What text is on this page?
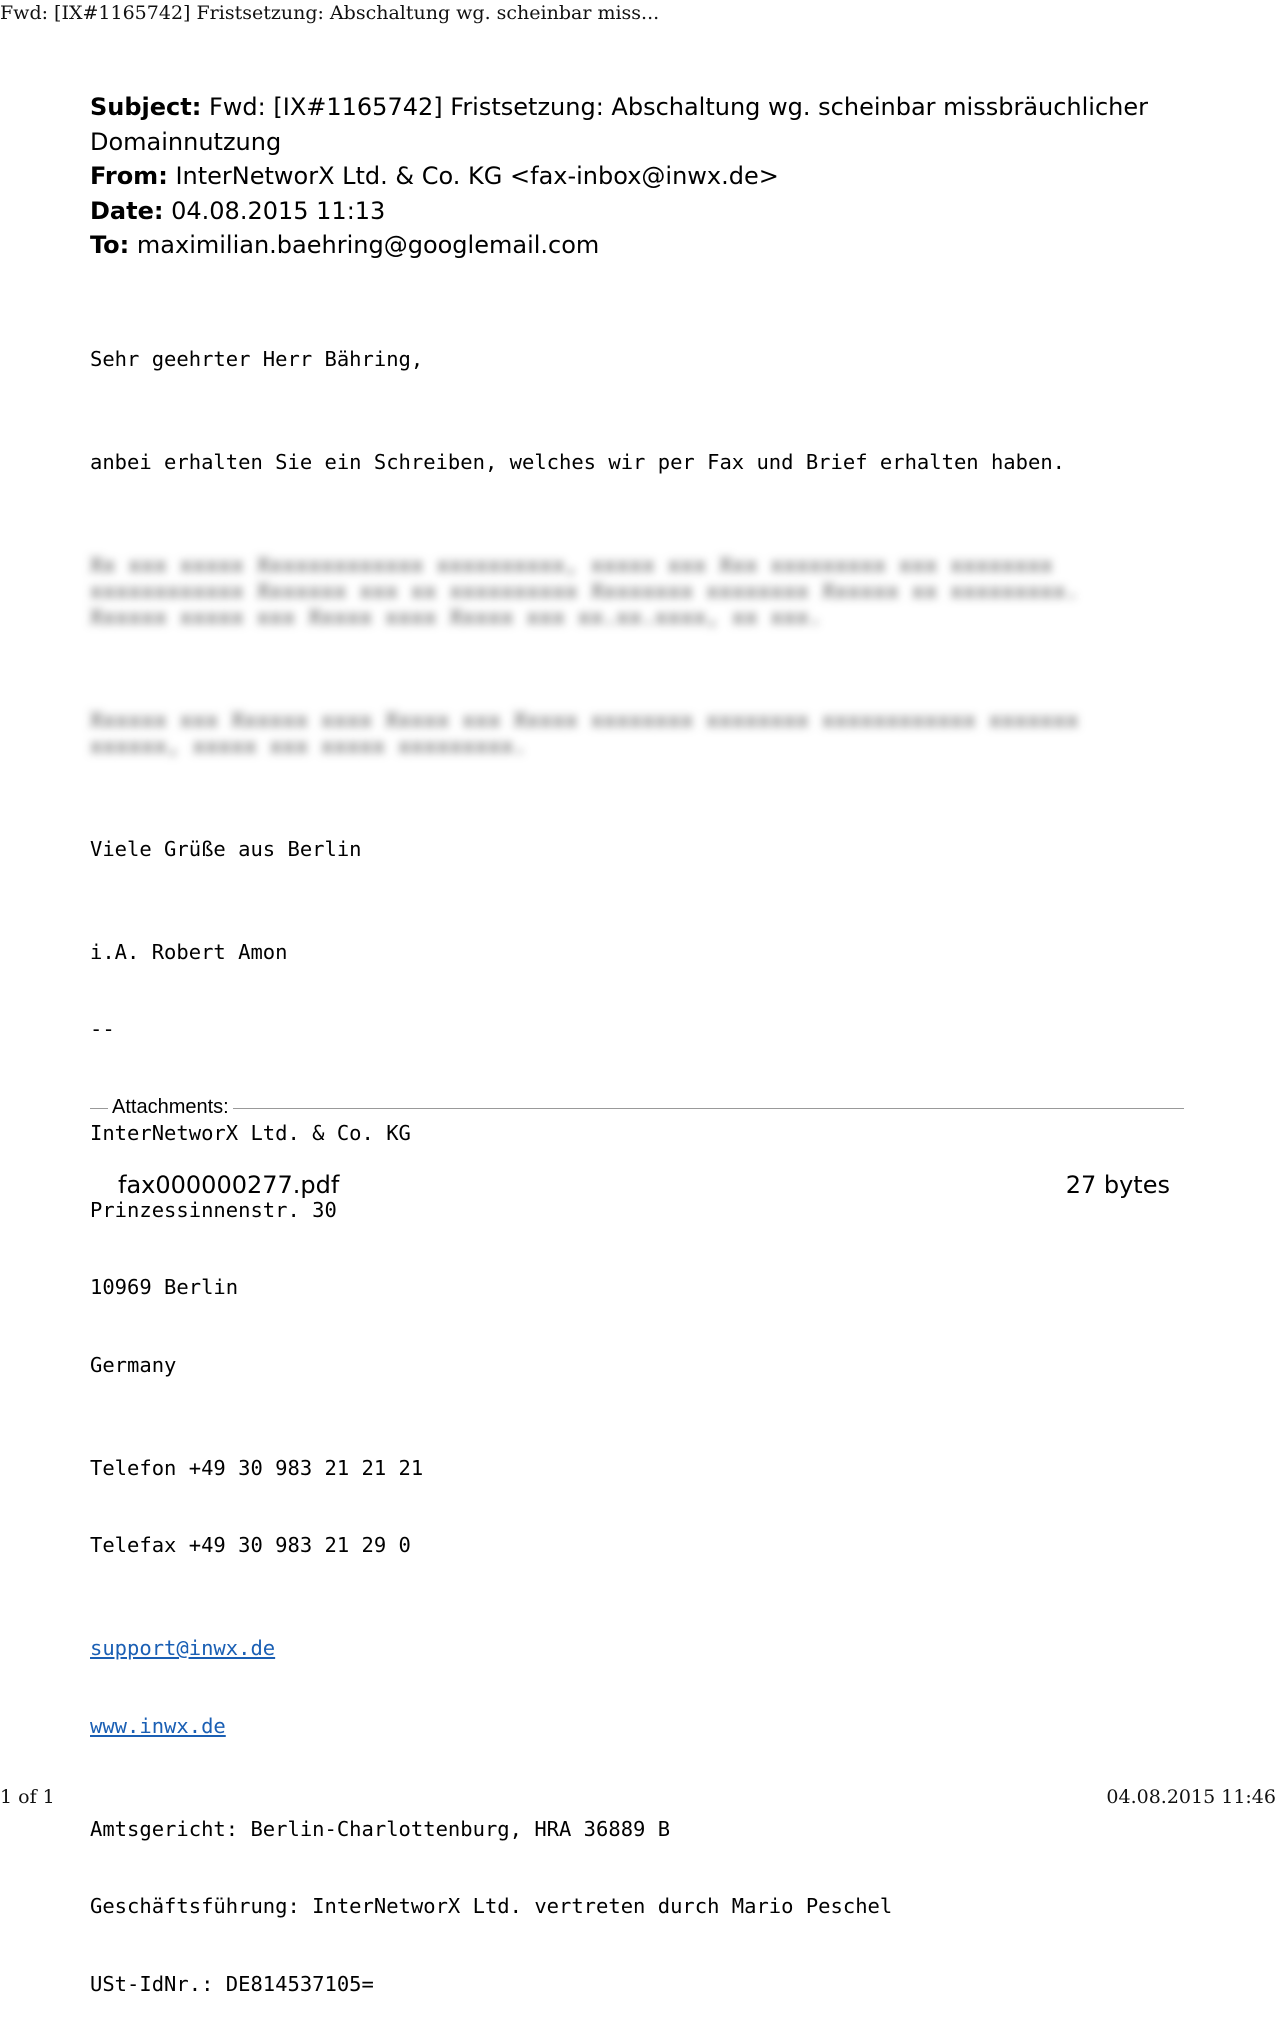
Fwd: [IX#1165742] Fristsetzung: Abschaltung wg. scheinbar miss...
Subject: Fwd: [IX#1165742] Fristsetzung: Abschaltung wg. scheinbar missbräuchlicher Domainnutzung
From: InterNetworX Ltd. & Co. KG <fax-inbox@inwx.de>
Date: 04.08.2015 11:13
To: maximilian.baehring@googlemail.com

Sehr geehrter Herr Bähring,

anbei erhalten Sie ein Schreiben, welches wir per Fax und Brief erhalten haben.

Xx xxx xxxxx Xxxxxxxxxxxxx xxxxxxxxxx, xxxxx xxx Xxx xxxxxxxxx xxx xxxxxxxx xxxxxxxxxxxx Xxxxxxx xxx xx xxxxxxxxxx Xxxxxxxx xxxxxxxx Xxxxxx xx xxxxxxxxx. Xxxxxx xxxxx xxx Xxxxx xxxx Xxxxx xxx xx.xx.xxxx, xx xxx.

Xxxxxx xxx Xxxxxx xxxx Xxxxx xxx Xxxxx xxxxxxxx xxxxxxxx xxxxxxxxxxxx xxxxxxx xxxxxx, xxxxx xxx xxxxx xxxxxxxxx.

Viele Grüße aus Berlin

i.A. Robert Amon

--

InterNetworX Ltd. & Co. KG

Prinzessinnenstr. 30

10969 Berlin

Germany

Telefon +49 30 983 21 21 21

Telefax +49 30 983 21 29 0

support@inwx.de

www.inwx.de

Amtsgericht: Berlin-Charlottenburg, HRA 36889 B

Geschäftsführung: InterNetworX Ltd. vertreten durch Mario Peschel

USt-IdNr.: DE814537105=

Attachments:
fax000000277.pdf	27 bytes
1 of 1	04.08.2015 11:46
